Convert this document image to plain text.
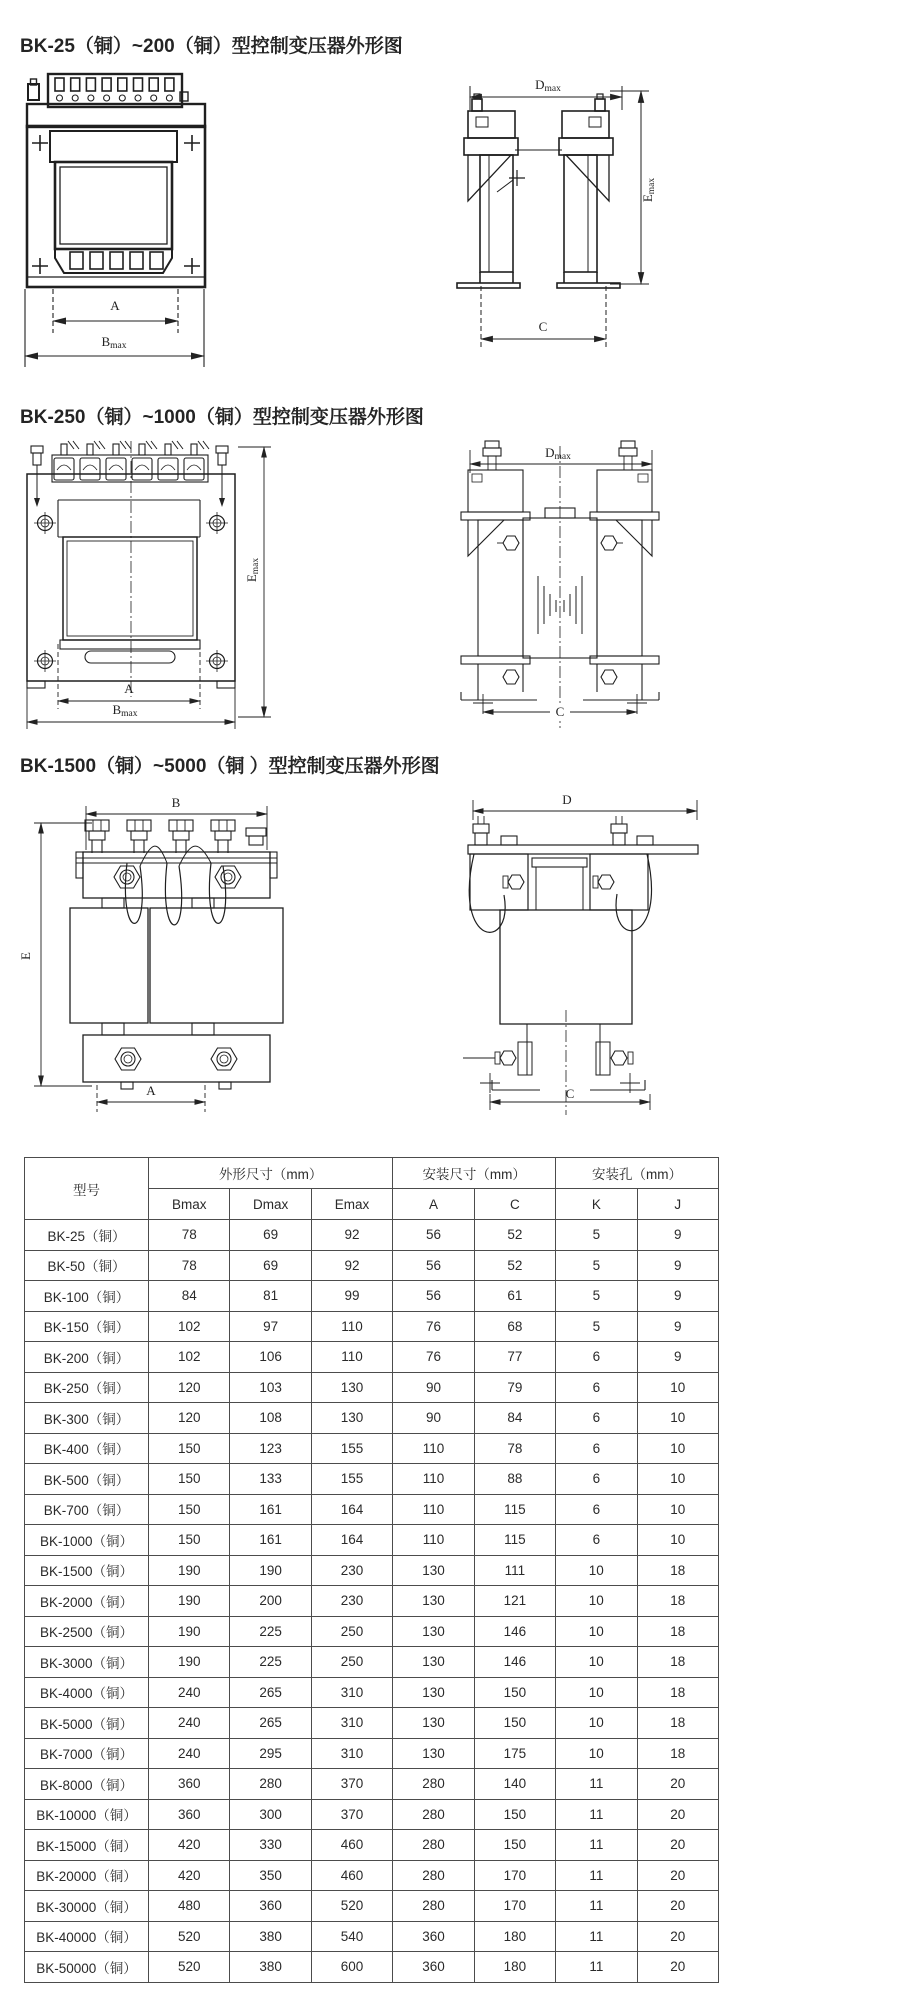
BK-25（铜）~200（铜）型控制变压器外形图
BK-250（铜）~1000（铜）型控制变压器外形图
BK-1500（铜）~5000（铜 ）型控制变压器外形图
A
Bmax
Dmax
Emax
C
A
Bmax
Emax
Dmax
C
B
E
A
D
C
型号	外形尺寸（mm）			安装尺寸（mm）		安装孔（mm）	
	Bmax	Dmax	Emax	A	C	K	J
BK-25（铜）	78	69	92	56	52	5	9
BK-50（铜）	78	69	92	56	52	5	9
BK-100（铜）	84	81	99	56	61	5	9
BK-150（铜）	102	97	110	76	68	5	9
BK-200（铜）	102	106	110	76	77	6	9
BK-250（铜）	120	103	130	90	79	6	10
BK-300（铜）	120	108	130	90	84	6	10
BK-400（铜）	150	123	155	110	78	6	10
BK-500（铜）	150	133	155	110	88	6	10
BK-700（铜）	150	161	164	110	115	6	10
BK-1000（铜）	150	161	164	110	115	6	10
BK-1500（铜）	190	190	230	130	111	10	18
BK-2000（铜）	190	200	230	130	121	10	18
BK-2500（铜）	190	225	250	130	146	10	18
BK-3000（铜）	190	225	250	130	146	10	18
BK-4000（铜）	240	265	310	130	150	10	18
BK-5000（铜）	240	265	310	130	150	10	18
BK-7000（铜）	240	295	310	130	175	10	18
BK-8000（铜）	360	280	370	280	140	11	20
BK-10000（铜）	360	300	370	280	150	11	20
BK-15000（铜）	420	330	460	280	150	11	20
BK-20000（铜）	420	350	460	280	170	11	20
BK-30000（铜）	480	360	520	280	170	11	20
BK-40000（铜）	520	380	540	360	180	11	20
BK-50000（铜）	520	380	600	360	180	11	20
